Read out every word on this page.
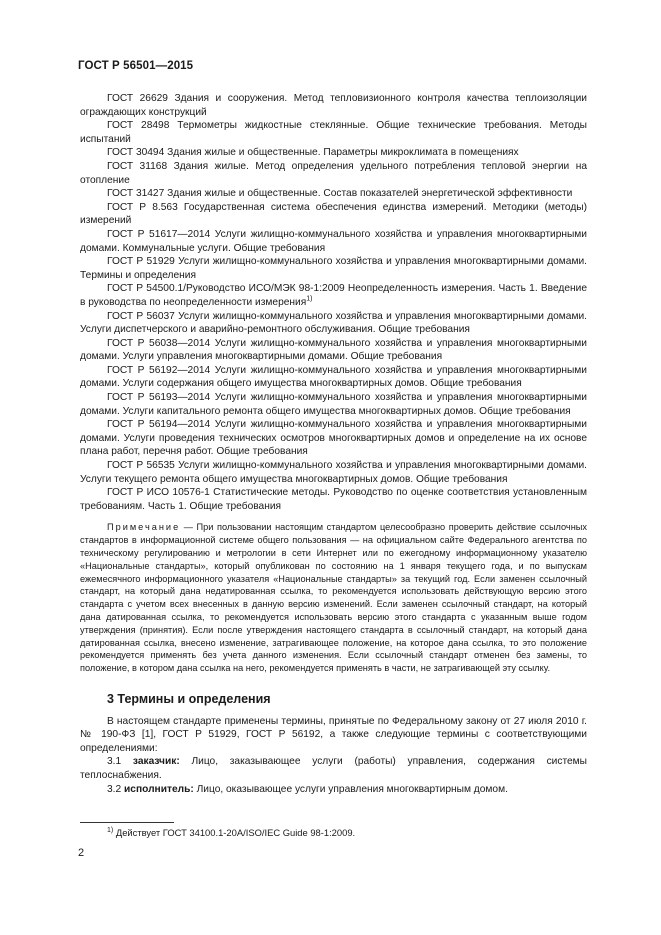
ГОСТ Р 56501—2015

ГОСТ 26629 Здания и сооружения. Метод тепловизионного контроля качества теплоизоляции ограждающих конструкций

ГОСТ 28498 Термометры жидкостные стеклянные. Общие технические требования. Методы испытаний

ГОСТ 30494 Здания жилые и общественные. Параметры микроклимата в помещениях

ГОСТ 31168 Здания жилые. Метод определения удельного потребления тепловой энергии на отопление

ГОСТ 31427 Здания жилые и общественные. Состав показателей энергетической эффективности

ГОСТ Р 8.563 Государственная система обеспечения единства измерений. Методики (методы) измерений

ГОСТ Р 51617—2014 Услуги жилищно-коммунального хозяйства и управления многоквартирными домами. Коммунальные услуги. Общие требования

ГОСТ Р 51929 Услуги жилищно-коммунального хозяйства и управления многоквартирными домами. Термины и определения

ГОСТ Р 54500.1/Руководство ИСО/МЭК 98-1:2009 Неопределенность измерения. Часть 1. Введение в руководства по неопределенности измерения$^{1)}$

ГОСТ Р 56037 Услуги жилищно-коммунального хозяйства и управления многоквартирными домами. Услуги диспетчерского и аварийно-ремонтного обслуживания. Общие требования

ГОСТ Р 56038—2014 Услуги жилищно-коммунального хозяйства и управления многоквартирными домами. Услуги управления многоквартирными домами. Общие требования

ГОСТ Р 56192—2014 Услуги жилищно-коммунального хозяйства и управления многоквартирными домами. Услуги содержания общего имущества многоквартирных домов. Общие требования

ГОСТ Р 56193—2014 Услуги жилищно-коммунального хозяйства и управления многоквартирными домами. Услуги капитального ремонта общего имущества многоквартирных домов. Общие требования

ГОСТ Р 56194—2014 Услуги жилищно-коммунального хозяйства и управления многоквартирными домами. Услуги проведения технических осмотров многоквартирных домов и определение на их основе плана работ, перечня работ. Общие требования

ГОСТ Р 56535 Услуги жилищно-коммунального хозяйства и управления многоквартирными домами. Услуги текущего ремонта общего имущества многоквартирных домов. Общие требования

ГОСТ Р ИСО 10576-1 Статистические методы. Руководство по оценке соответствия установленным требованиям. Часть 1. Общие требования

Примечание — При пользовании настоящим стандартом целесообразно проверить действие ссылочных стандартов в информационной системе общего пользования — на официальном сайте Федерального агентства по техническому регулированию и метрологии в сети Интернет или по ежегодному информационному указателю «Национальные стандарты», который опубликован по состоянию на 1 января текущего года, и по выпускам ежемесячного информационного указателя «Национальные стандарты» за текущий год. Если заменен ссылочный стандарт, на который дана недатированная ссылка, то рекомендуется использовать действующую версию этого стандарта с учетом всех внесенных в данную версию изменений. Если заменен ссылочный стандарт, на который дана датированная ссылка, то рекомендуется использовать версию этого стандарта с указанным выше годом утверждения (принятия). Если после утверждения настоящего стандарта в ссылочный стандарт, на который дана датированная ссылка, внесено изменение, затрагивающее положение, на которое дана ссылка, то это положение рекомендуется применять без учета данного изменения. Если ссылочный стандарт отменен без замены, то положение, в котором дана ссылка на него, рекомендуется применять в части, не затрагивающей эту ссылку.
3 Термины и определения

В настоящем стандарте применены термины, принятые по Федеральному закону от 27 июля 2010 г. № 190-ФЗ [1], ГОСТ Р 51929, ГОСТ Р 56192, а также следующие термины с соответствующими определениями:

3.1 заказчик: Лицо, заказывающее услуги (работы) управления, содержания системы теплоснабжения.

3.2 исполнитель: Лицо, оказывающее услуги управления многоквартирным домом.

$^{1)}$ Действует ГОСТ 34100.1-20А/ISO/IEC Guide 98-1:2009.
2
